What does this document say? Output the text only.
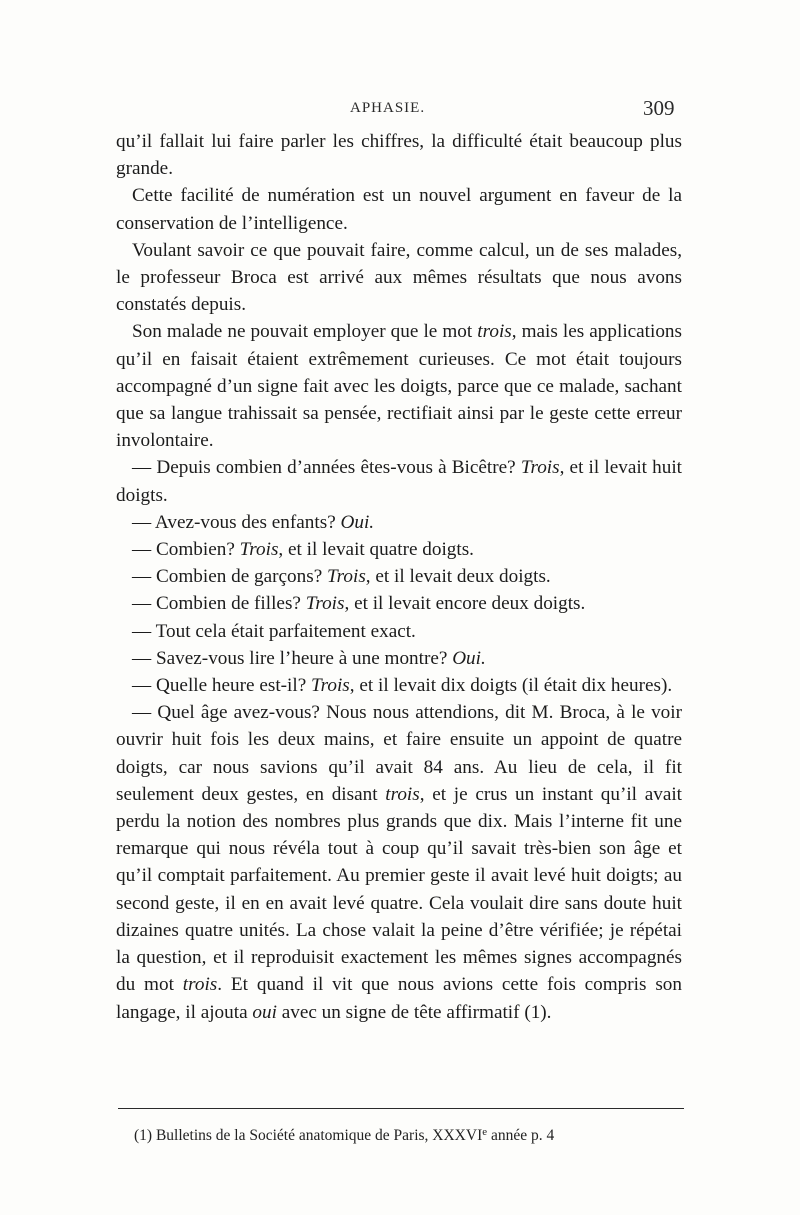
APHASIE.	309

qu’il fallait lui faire parler les chiffres, la difficulté était beaucoup plus grande.

Cette facilité de numération est un nouvel argument en faveur de la conservation de l’intelligence.

Voulant savoir ce que pouvait faire, comme calcul, un de ses malades, le professeur Broca est arrivé aux mêmes résultats que nous avons constatés depuis.

Son malade ne pouvait employer que le mot trois, mais les applications qu’il en faisait étaient extrêmement curieuses. Ce mot était toujours accompagné d’un signe fait avec les doigts, parce que ce malade, sachant que sa langue trahissait sa pensée, rectifiait ainsi par le geste cette erreur involontaire.

— Depuis combien d’années êtes-vous à Bicêtre? Trois, et il levait huit doigts.

— Avez-vous des enfants? Oui.

— Combien? Trois, et il levait quatre doigts.

— Combien de garçons? Trois, et il levait deux doigts.

— Combien de filles? Trois, et il levait encore deux doigts.

— Tout cela était parfaitement exact.

— Savez-vous lire l’heure à une montre? Oui.

— Quelle heure est-il? Trois, et il levait dix doigts (il était dix heures).

— Quel âge avez-vous? Nous nous attendions, dit M. Broca, à le voir ouvrir huit fois les deux mains, et faire ensuite un appoint de quatre doigts, car nous savions qu’il avait 84 ans. Au lieu de cela, il fit seulement deux gestes, en disant trois, et je crus un instant qu’il avait perdu la notion des nombres plus grands que dix. Mais l’interne fit une remarque qui nous révéla tout à coup qu’il savait très-bien son âge et qu’il comptait parfaitement. Au premier geste il avait levé huit doigts; au second geste, il en en avait levé quatre. Cela voulait dire sans doute huit dizaines quatre unités. La chose valait la peine d’être vérifiée; je répétai la question, et il reproduisit exactement les mêmes signes accompagnés du mot trois. Et quand il vit que nous avions cette fois compris son langage, il ajouta oui avec un signe de tête affirmatif (1).

(1) Bulletins de la Société anatomique de Paris, XXXVIe année p. 4
